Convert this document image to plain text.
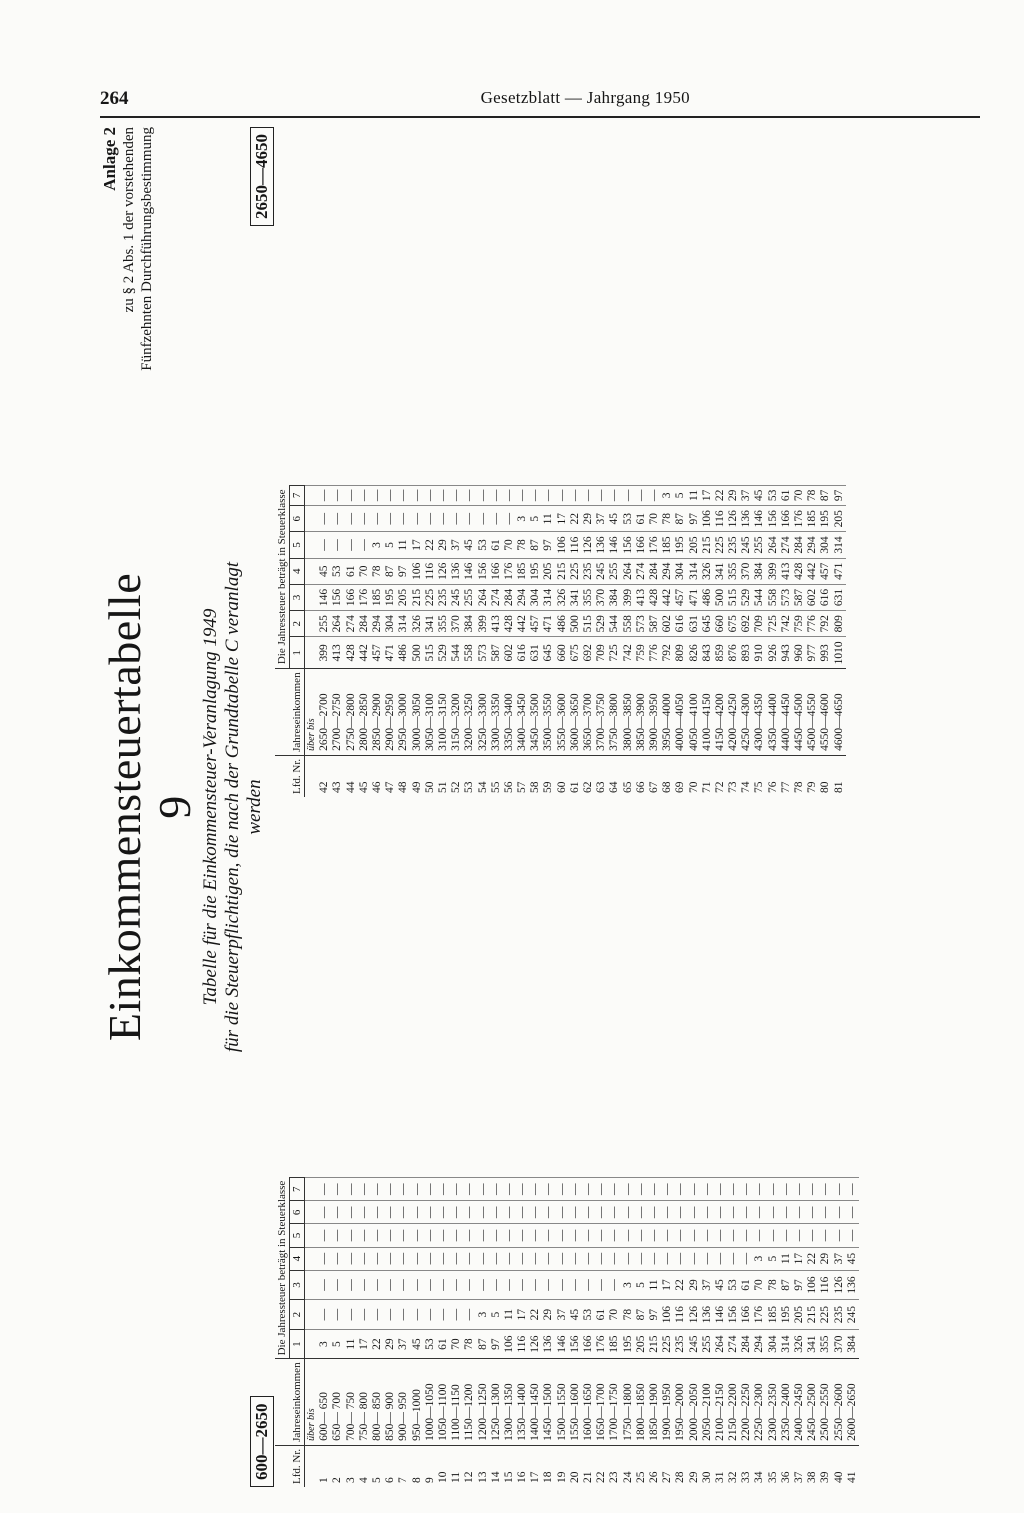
264	Gesetzblatt — Jahrgang 1950
Einkommensteuertabelle 9 Tabelle für die Einkommensteuer-Veranlagung 1949 für die Steuerpflichtigen, die nach der Grundtabelle C veranlagt werden
Anlage 2 zu § 2 Abs. 1 der vorstehenden Fünfzehnten Durchführungsbestimmung
600—2650
2650—4650
Lfd. Nr.	Jahreseinkommen	Die Jahressteuer beträgt in Steuerklasse						
		1	2	3	4	5	6	7
	über bis							
1	600— 650	3	—	—	—	—	—	—
2	650— 700	5	—	—	—	—	—	—
3	700— 750	11	—	—	—	—	—	—
4	750— 800	17	—	—	—	—	—	—
5	800— 850	22	—	—	—	—	—	—
6	850— 900	29	—	—	—	—	—	—
7	900— 950	37	—	—	—	—	—	—
8	950—1000	45	—	—	—	—	—	—
9	1000—1050	53	—	—	—	—	—	—
10	1050—1100	61	—	—	—	—	—	—
11	1100—1150	70	—	—	—	—	—	—
12	1150—1200	78	—	—	—	—	—	—
13	1200—1250	87	3	—	—	—	—	—
14	1250—1300	97	5	—	—	—	—	—
15	1300—1350	106	11	—	—	—	—	—
16	1350—1400	116	17	—	—	—	—	—
17	1400—1450	126	22	—	—	—	—	—
18	1450—1500	136	29	—	—	—	—	—
19	1500—1550	146	37	—	—	—	—	—
20	1550—1600	156	45	—	—	—	—	—
21	1600—1650	166	53	—	—	—	—	—
22	1650—1700	176	61	—	—	—	—	—
23	1700—1750	185	70	—	—	—	—	—
24	1750—1800	195	78	3	—	—	—	—
25	1800—1850	205	87	5	—	—	—	—
26	1850—1900	215	97	11	—	—	—	—
27	1900—1950	225	106	17	—	—	—	—
28	1950—2000	235	116	22	—	—	—	—
29	2000—2050	245	126	29	—	—	—	—
30	2050—2100	255	136	37	—	—	—	—
31	2100—2150	264	146	45	—	—	—	—
32	2150—2200	274	156	53	—	—	—	—
33	2200—2250	284	166	61	—	—	—	—
34	2250—2300	294	176	70	3	—	—	—
35	2300—2350	304	185	78	5	—	—	—
36	2350—2400	314	195	87	11	—	—	—
37	2400—2450	326	205	97	17	—	—	—
38	2450—2500	341	215	106	22	—	—	—
39	2500—2550	355	225	116	29	—	—	—
40	2550—2600	370	235	126	37	—	—	—
41	2600—2650	384	245	136	45	—	—	—
Lfd. Nr.	Jahreseinkommen	Die Jahressteuer beträgt in Steuerklasse						
		1	2	3	4	5	6	7
	über bis							
42	2650—2700	399	255	146	45	—	—	—
43	2700—2750	413	264	156	53	—	—	—
44	2750—2800	428	274	166	61	—	—	—
45	2800—2850	442	284	176	70	—	—	—
46	2850—2900	457	294	185	78	3	—	—
47	2900—2950	471	304	195	87	5	—	—
48	2950—3000	486	314	205	97	11	—	—
49	3000—3050	500	326	215	106	17	—	—
50	3050—3100	515	341	225	116	22	—	—
51	3100—3150	529	355	235	126	29	—	—
52	3150—3200	544	370	245	136	37	—	—
53	3200—3250	558	384	255	146	45	—	—
54	3250—3300	573	399	264	156	53	—	—
55	3300—3350	587	413	274	166	61	—	—
56	3350—3400	602	428	284	176	70	—	—
57	3400—3450	616	442	294	185	78	3	—
58	3450—3500	631	457	304	195	87	5	—
59	3500—3550	645	471	314	205	97	11	—
60	3550—3600	660	486	326	215	106	17	—
61	3600—3650	675	500	341	225	116	22	—
62	3650—3700	692	515	355	235	126	29	—
63	3700—3750	709	529	370	245	136	37	—
64	3750—3800	725	544	384	255	146	45	—
65	3800—3850	742	558	399	264	156	53	—
66	3850—3900	759	573	413	274	166	61	—
67	3900—3950	776	587	428	284	176	70	—
68	3950—4000	792	602	442	294	185	78	3
69	4000—4050	809	616	457	304	195	87	5
70	4050—4100	826	631	471	314	205	97	11
71	4100—4150	843	645	486	326	215	106	17
72	4150—4200	859	660	500	341	225	116	22
73	4200—4250	876	675	515	355	235	126	29
74	4250—4300	893	692	529	370	245	136	37
75	4300—4350	910	709	544	384	255	146	45
76	4350—4400	926	725	558	399	264	156	53
77	4400—4450	943	742	573	413	274	166	61
78	4450—4500	960	759	587	428	284	176	70
79	4500—4550	977	776	602	442	294	185	78
80	4550—4600	993	792	616	457	304	195	87
81	4600—4650	1010	809	631	471	314	205	97
